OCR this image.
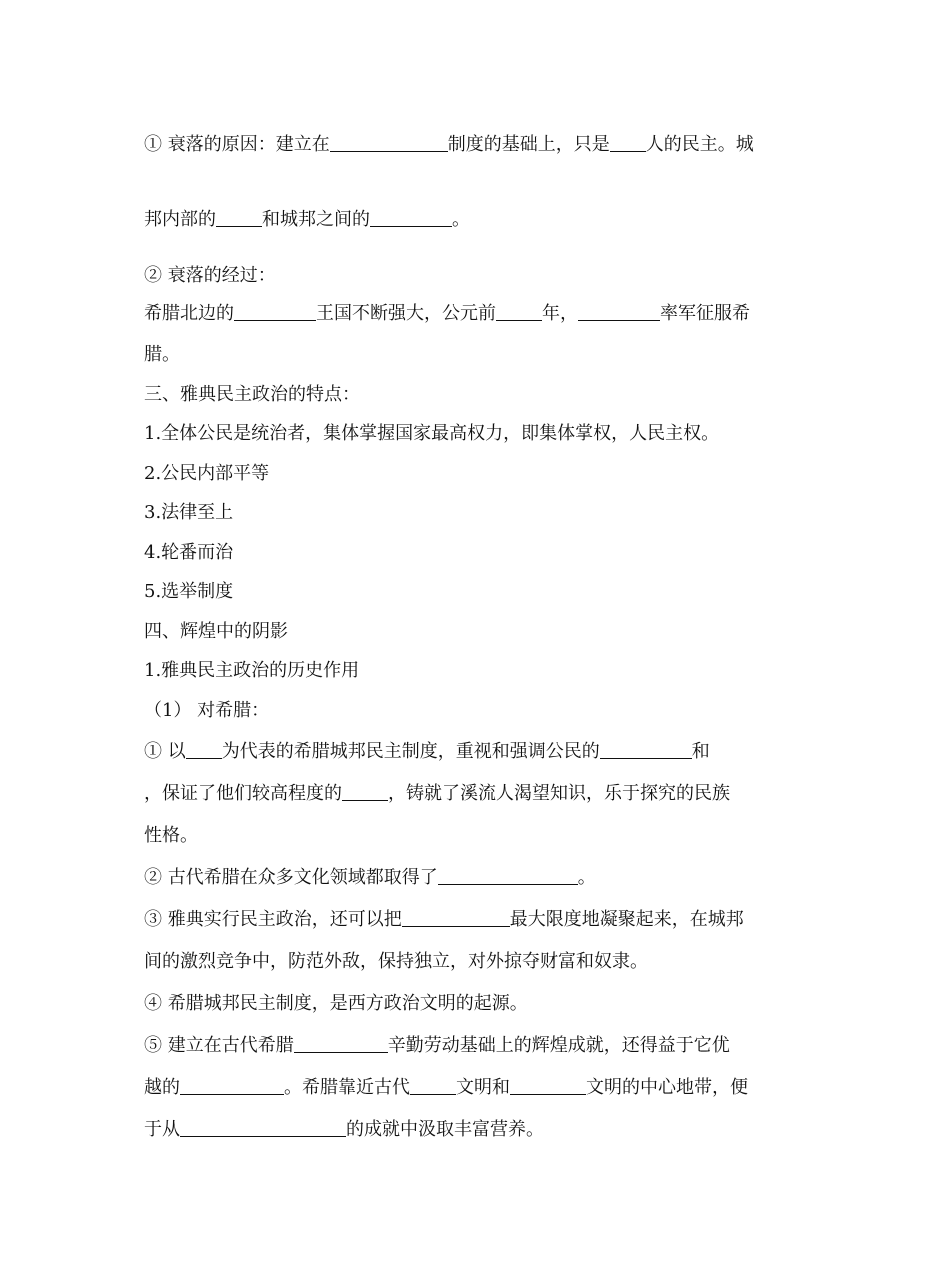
① 衰落的原因：建立在	制度的基础上，只是 人的民主。城
邦内部的	和城邦之间的	。
② 衰落的经过：
希腊北边的	王国不断强大，公元前	年，	率军征服希
腊。
三、雅典民主政治的特点：
1.全体公民是统治者，集体掌握国家最高权力，即集体掌权，人民主权。
2.公民内部平等
3.法律至上
4.轮番而治
5.选举制度
四、辉煌中的阴影
1.雅典民主政治的历史作用
（1） 对希腊：
① 以 为代表的希腊城邦民主制度，重视和强调公民的	和
，保证了他们较高程度的	，铸就了溪流人渴望知识，乐于探究的民族
性格。
② 古代希腊在众多文化领域都取得了	。
③ 雅典实行民主政治，还可以把	最大限度地凝聚起来，在城邦
间的激烈竞争中，防范外敌，保持独立，对外掠夺财富和奴隶。
④ 希腊城邦民主制度，是西方政治文明的起源。
⑤ 建立在古代希腊	辛勤劳动基础上的辉煌成就，还得益于它优
越的	。希腊靠近古代	文明和	文明的中心地带，便
于从	的成就中汲取丰富营养。
